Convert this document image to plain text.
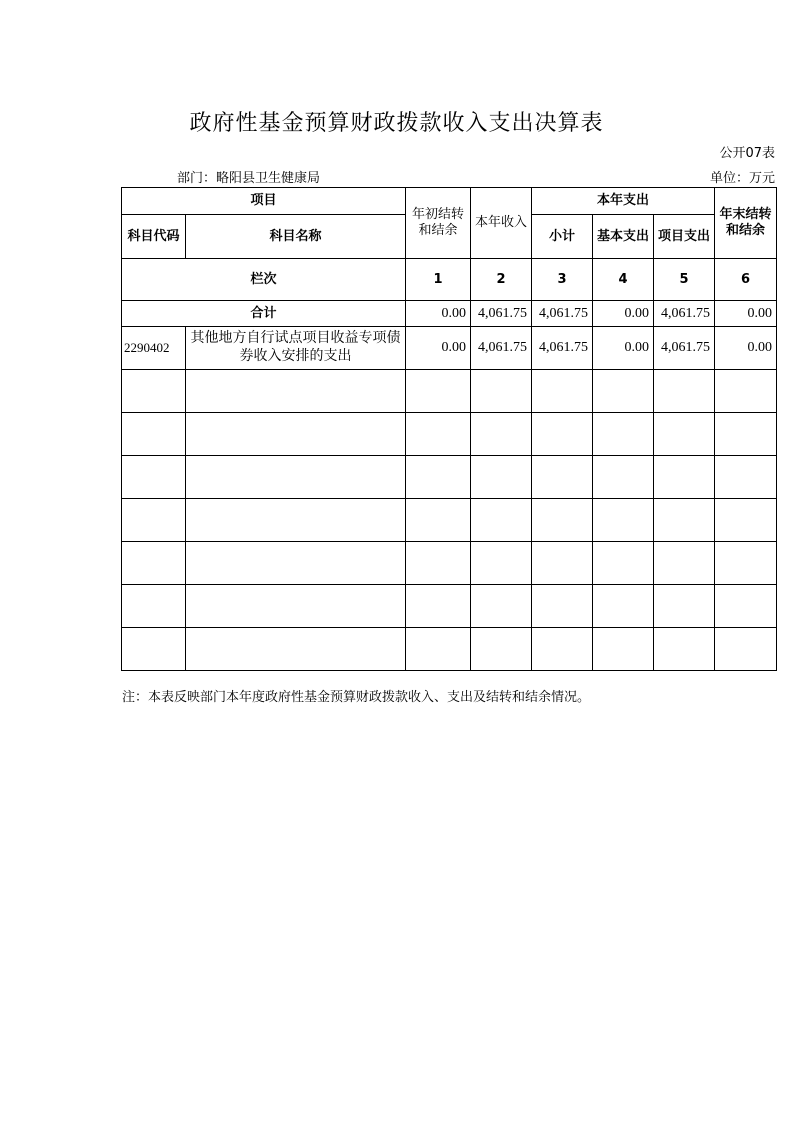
政府性基金预算财政拨款收入支出决算表
公开07表
部门：略阳县卫生健康局	单位：万元
项目		年初结转和结余	本年收入	本年支出			年末结转和结余
科目代码	科目名称			小计	基本支出	项目支出	
栏次		1	2	3	4	5	6
合计		0.00	4,061.75	4,061.75	0.00	4,061.75	0.00
2290402	其他地方自行试点项目收益专项债券收入安排的支出	0.00	4,061.75	4,061.75	0.00	4,061.75	0.00

注：本表反映部门本年度政府性基金预算财政拨款收入、支出及结转和结余情况。
